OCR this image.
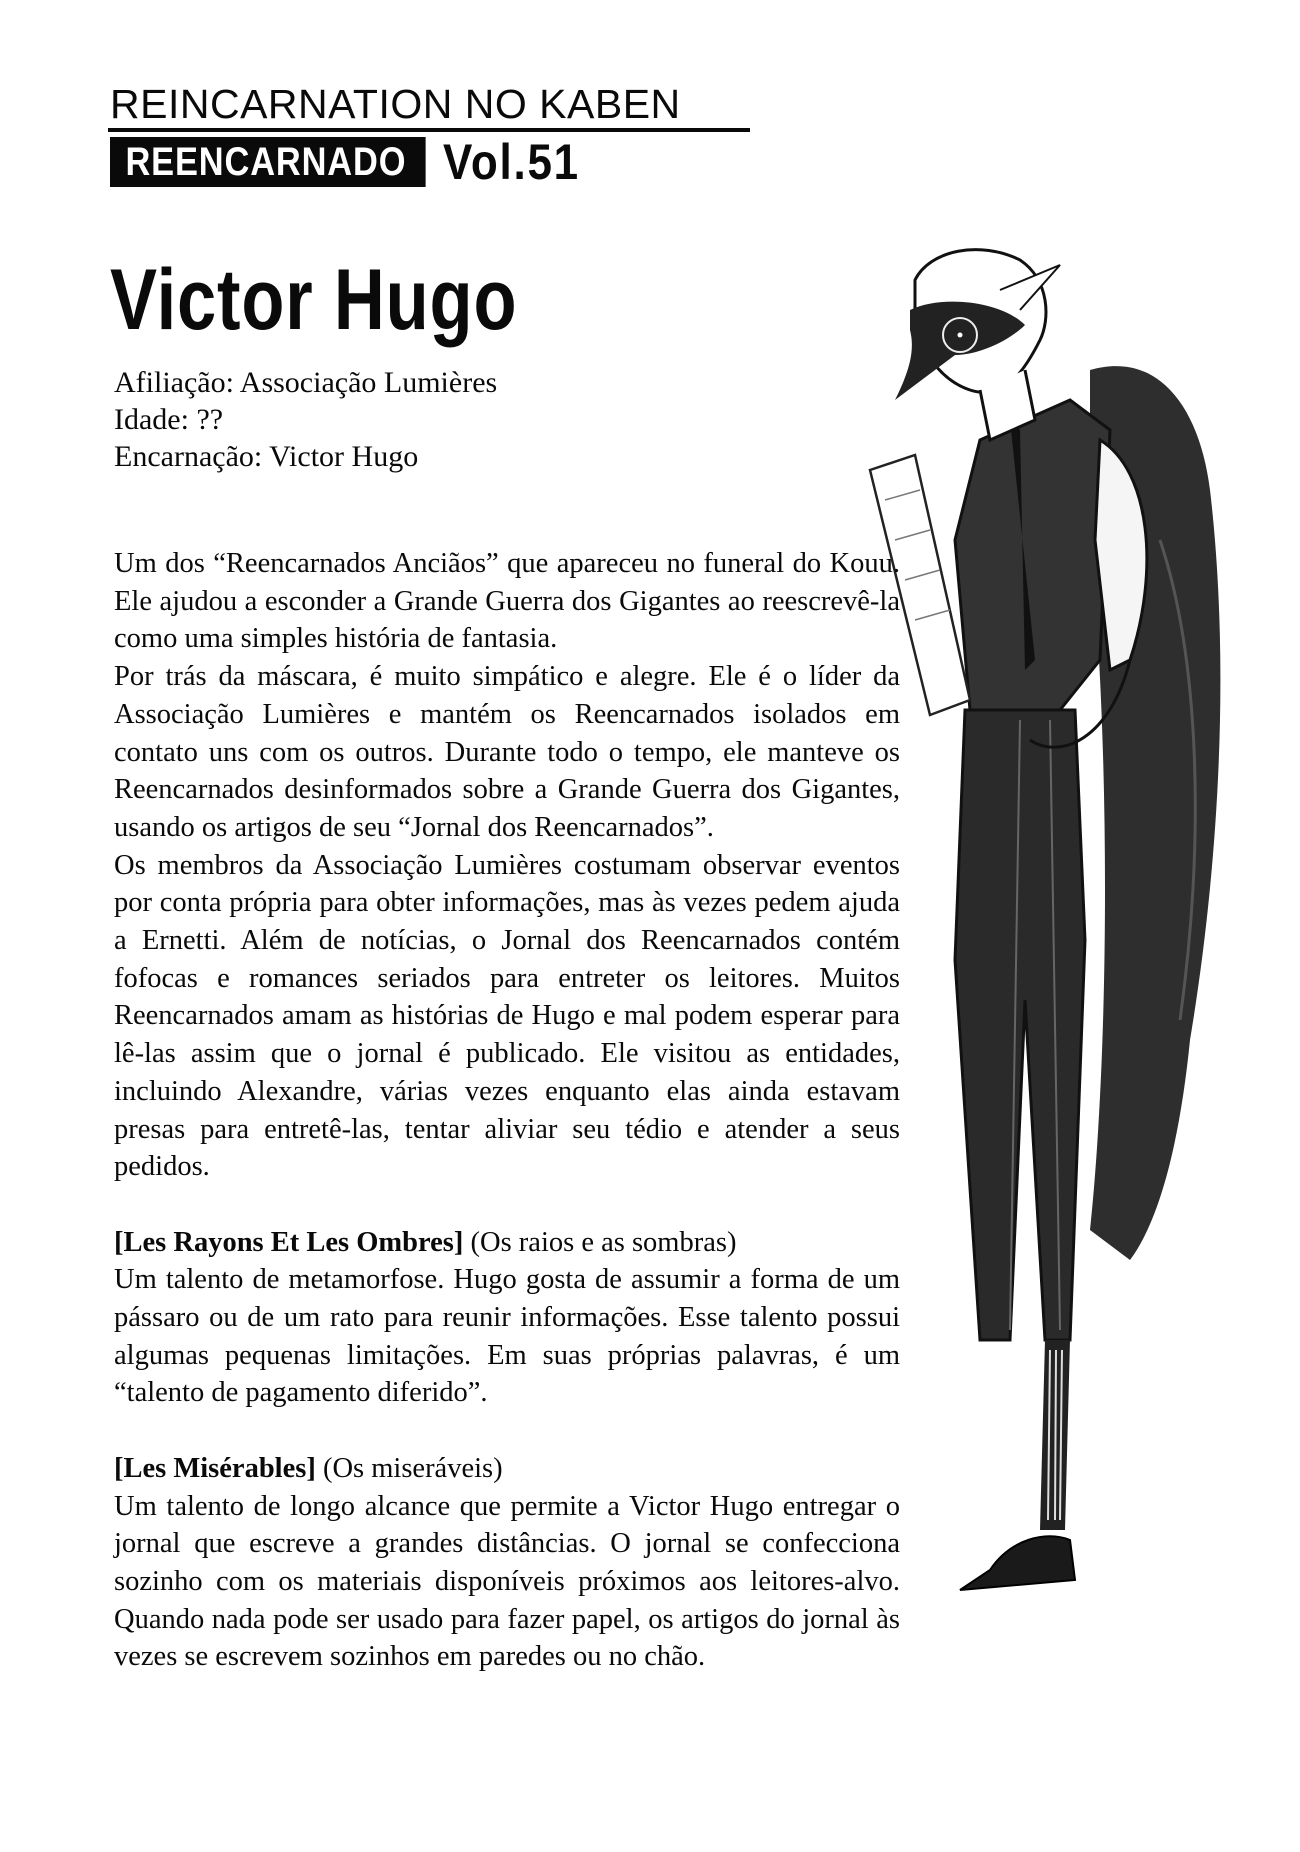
REINCARNATION NO KABEN
REENCARNADO Vol.51
Victor Hugo
Afiliação: Associação Lumières
Idade: ??
Encarnação: Victor Hugo

Um dos “Reencarnados Anciãos” que apareceu no funeral do Kouu. Ele ajudou a esconder a Grande Guerra dos Gigantes ao reescrevê-la como uma simples história de fantasia.

Por trás da máscara, é muito simpático e alegre. Ele é o líder da Associação Lumières e mantém os Reencarnados isolados em contato uns com os outros. Durante todo o tempo, ele manteve os Reencarnados desinformados sobre a Grande Guerra dos Gigantes, usando os artigos de seu “Jornal dos Reencarnados”.

Os membros da Associação Lumières costumam observar eventos por conta própria para obter informações, mas às vezes pedem ajuda a Ernetti. Além de notícias, o Jornal dos Reencarnados contém fofocas e romances seriados para entreter os leitores. Muitos Reencarnados amam as histórias de Hugo e mal podem esperar para lê-las assim que o jornal é publicado. Ele visitou as entidades, incluindo Alexandre, várias vezes enquanto elas ainda estavam presas para entretê-las, tentar aliviar seu tédio e atender a seus pedidos.

[Les Rayons Et Les Ombres] (Os raios e as sombras)

Um talento de metamorfose. Hugo gosta de assumir a forma de um pássaro ou de um rato para reunir informações. Esse talento possui algumas pequenas limitações. Em suas próprias palavras, é um “talento de pagamento diferido”.

[Les Misérables] (Os miseráveis)

Um talento de longo alcance que permite a Victor Hugo entregar o jornal que escreve a grandes distâncias. O jornal se confecciona sozinho com os materiais disponíveis próximos aos leitores-alvo. Quando nada pode ser usado para fazer papel, os artigos do jornal às vezes se escrevem sozinhos em paredes ou no chão.
